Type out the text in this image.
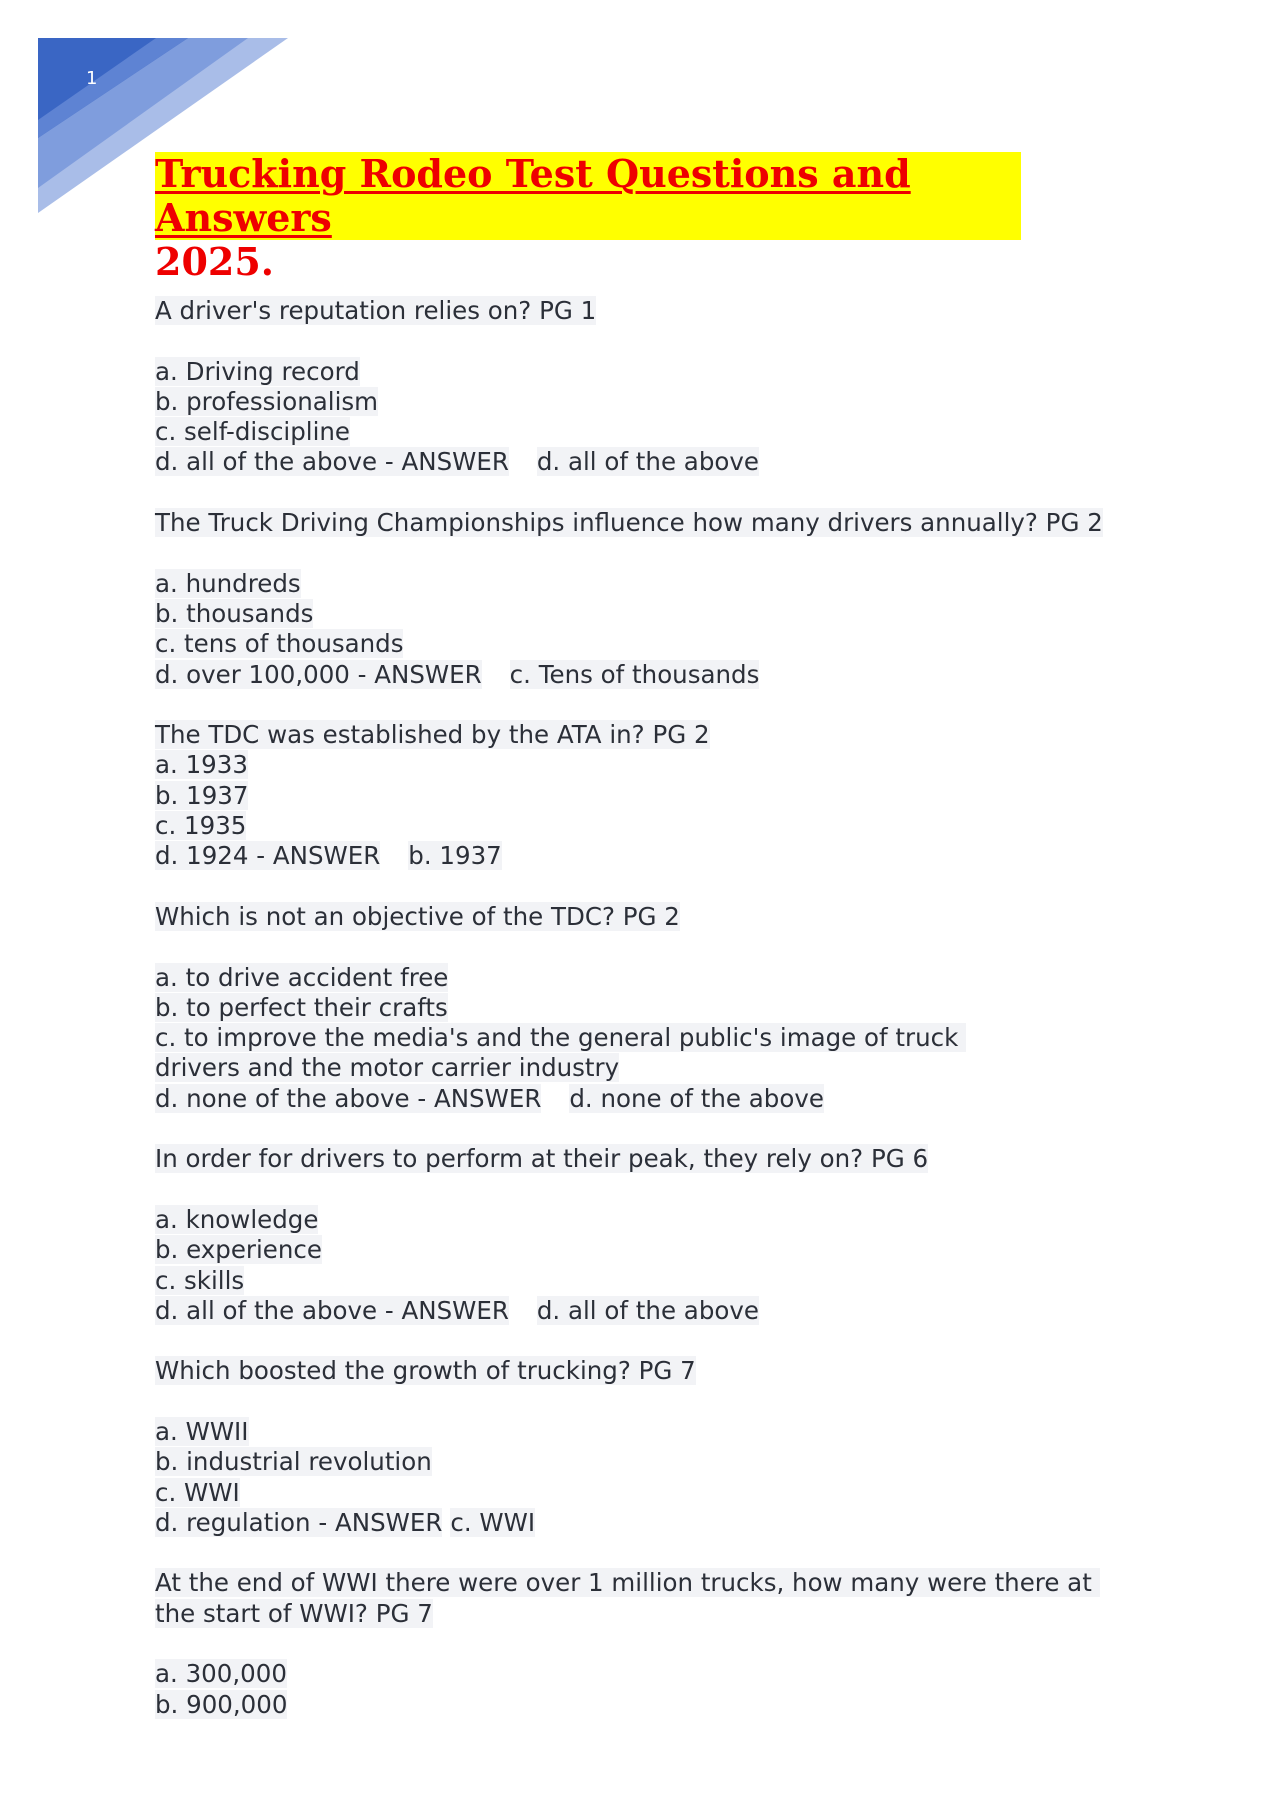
1
Trucking Rodeo Test Questions and Answers
2025.
A driver's reputation relies on? PG 1
a. Driving record
b. professionalism
c. self-discipline
d. all of the above - ANSWER d. all of the above
The Truck Driving Championships influence how many drivers annually? PG 2
a. hundreds
b. thousands
c. tens of thousands
d. over 100,000 - ANSWER c. Tens of thousands
The TDC was established by the ATA in? PG 2
a. 1933
b. 1937
c. 1935
d. 1924 - ANSWER b. 1937
Which is not an objective of the TDC? PG 2
a. to drive accident free
b. to perfect their crafts
c. to improve the media's and the general public's image of truck drivers and the motor carrier industry
d. none of the above - ANSWER d. none of the above
In order for drivers to perform at their peak, they rely on? PG 6
a. knowledge
b. experience
c. skills
d. all of the above - ANSWER d. all of the above
Which boosted the growth of trucking? PG 7
a. WWII
b. industrial revolution
c. WWI
d. regulation - ANSWER c. WWI
At the end of WWI there were over 1 million trucks, how many were there at the start of WWI? PG 7
a. 300,000
b. 900,000
